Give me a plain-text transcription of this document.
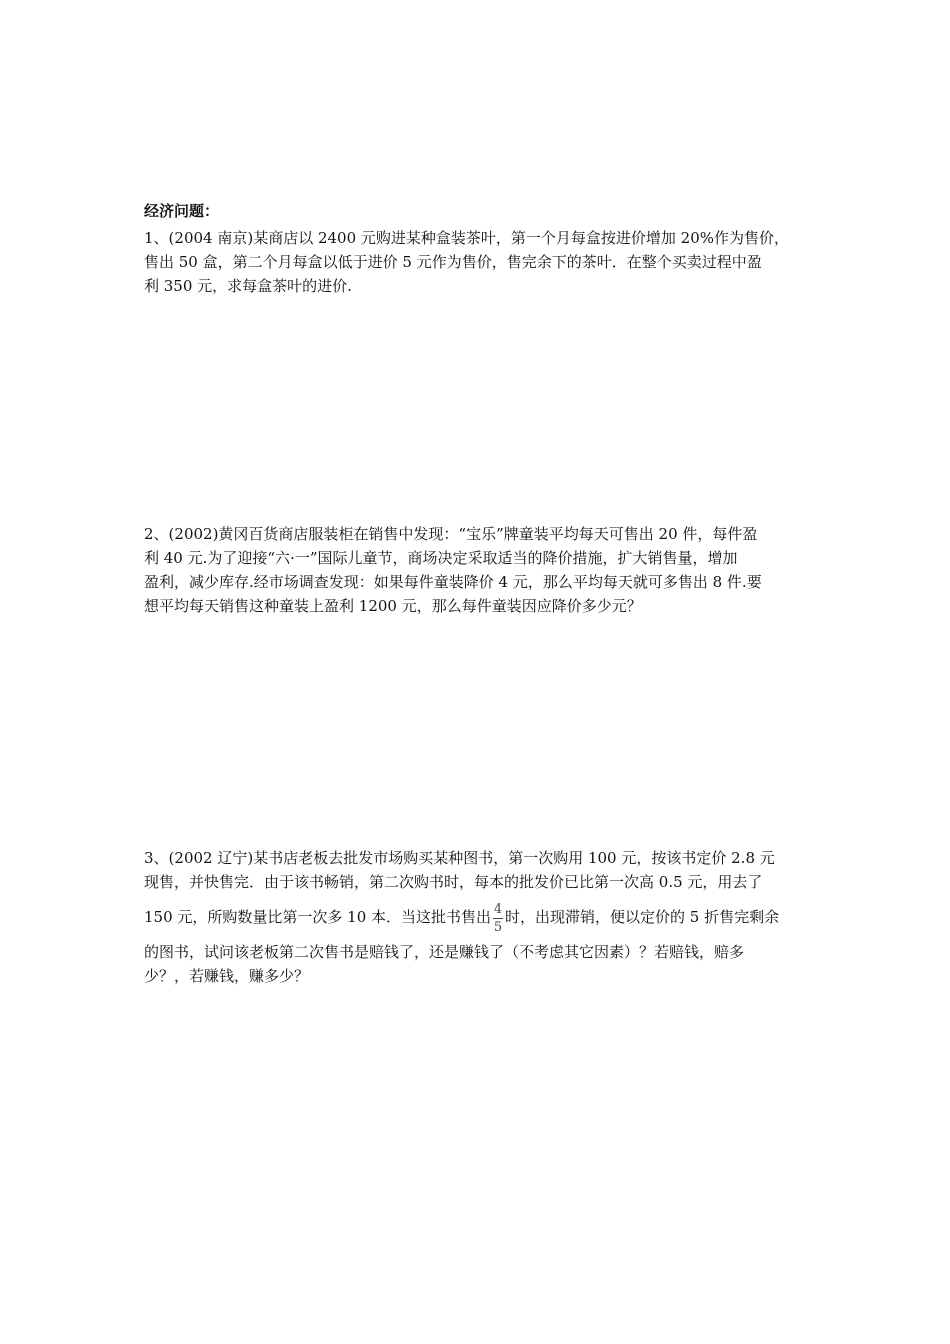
经济问题：
1、(2004 南京)某商店以 2400 元购进某种盒装茶叶，第一个月每盒按进价增加 20%作为售价，
售出 50 盒，第二个月每盒以低于进价 5 元作为售价，售完余下的茶叶．在整个买卖过程中盈
利 350 元，求每盒茶叶的进价.
2、(2002)黄冈百货商店服装柜在销售中发现：“宝乐”牌童装平均每天可售出 20 件，每件盈
利 40 元.为了迎接“六·一”国际儿童节，商场决定采取适当的降价措施，扩大销售量，增加
盈利，减少库存.经市场调查发现：如果每件童装降价 4 元，那么平均每天就可多售出 8 件.要
想平均每天销售这种童装上盈利 1200 元，那么每件童装因应降价多少元？
3、(2002 辽宁)某书店老板去批发市场购买某种图书，第一次购用 100 元，按该书定价 2.8 元
现售，并快售完．由于该书畅销，第二次购书时，每本的批发价已比第一次高 0.5 元，用去了
150 元，所购数量比第一次多 10 本．当这批书售出 $\frac{4}{5}$ 时，出现滞销，便以定价的 5 折售完剩余
的图书，试问该老板第二次售书是赔钱了，还是赚钱了（不考虑其它因素）？若赔钱，赔多
少？，若赚钱，赚多少？
